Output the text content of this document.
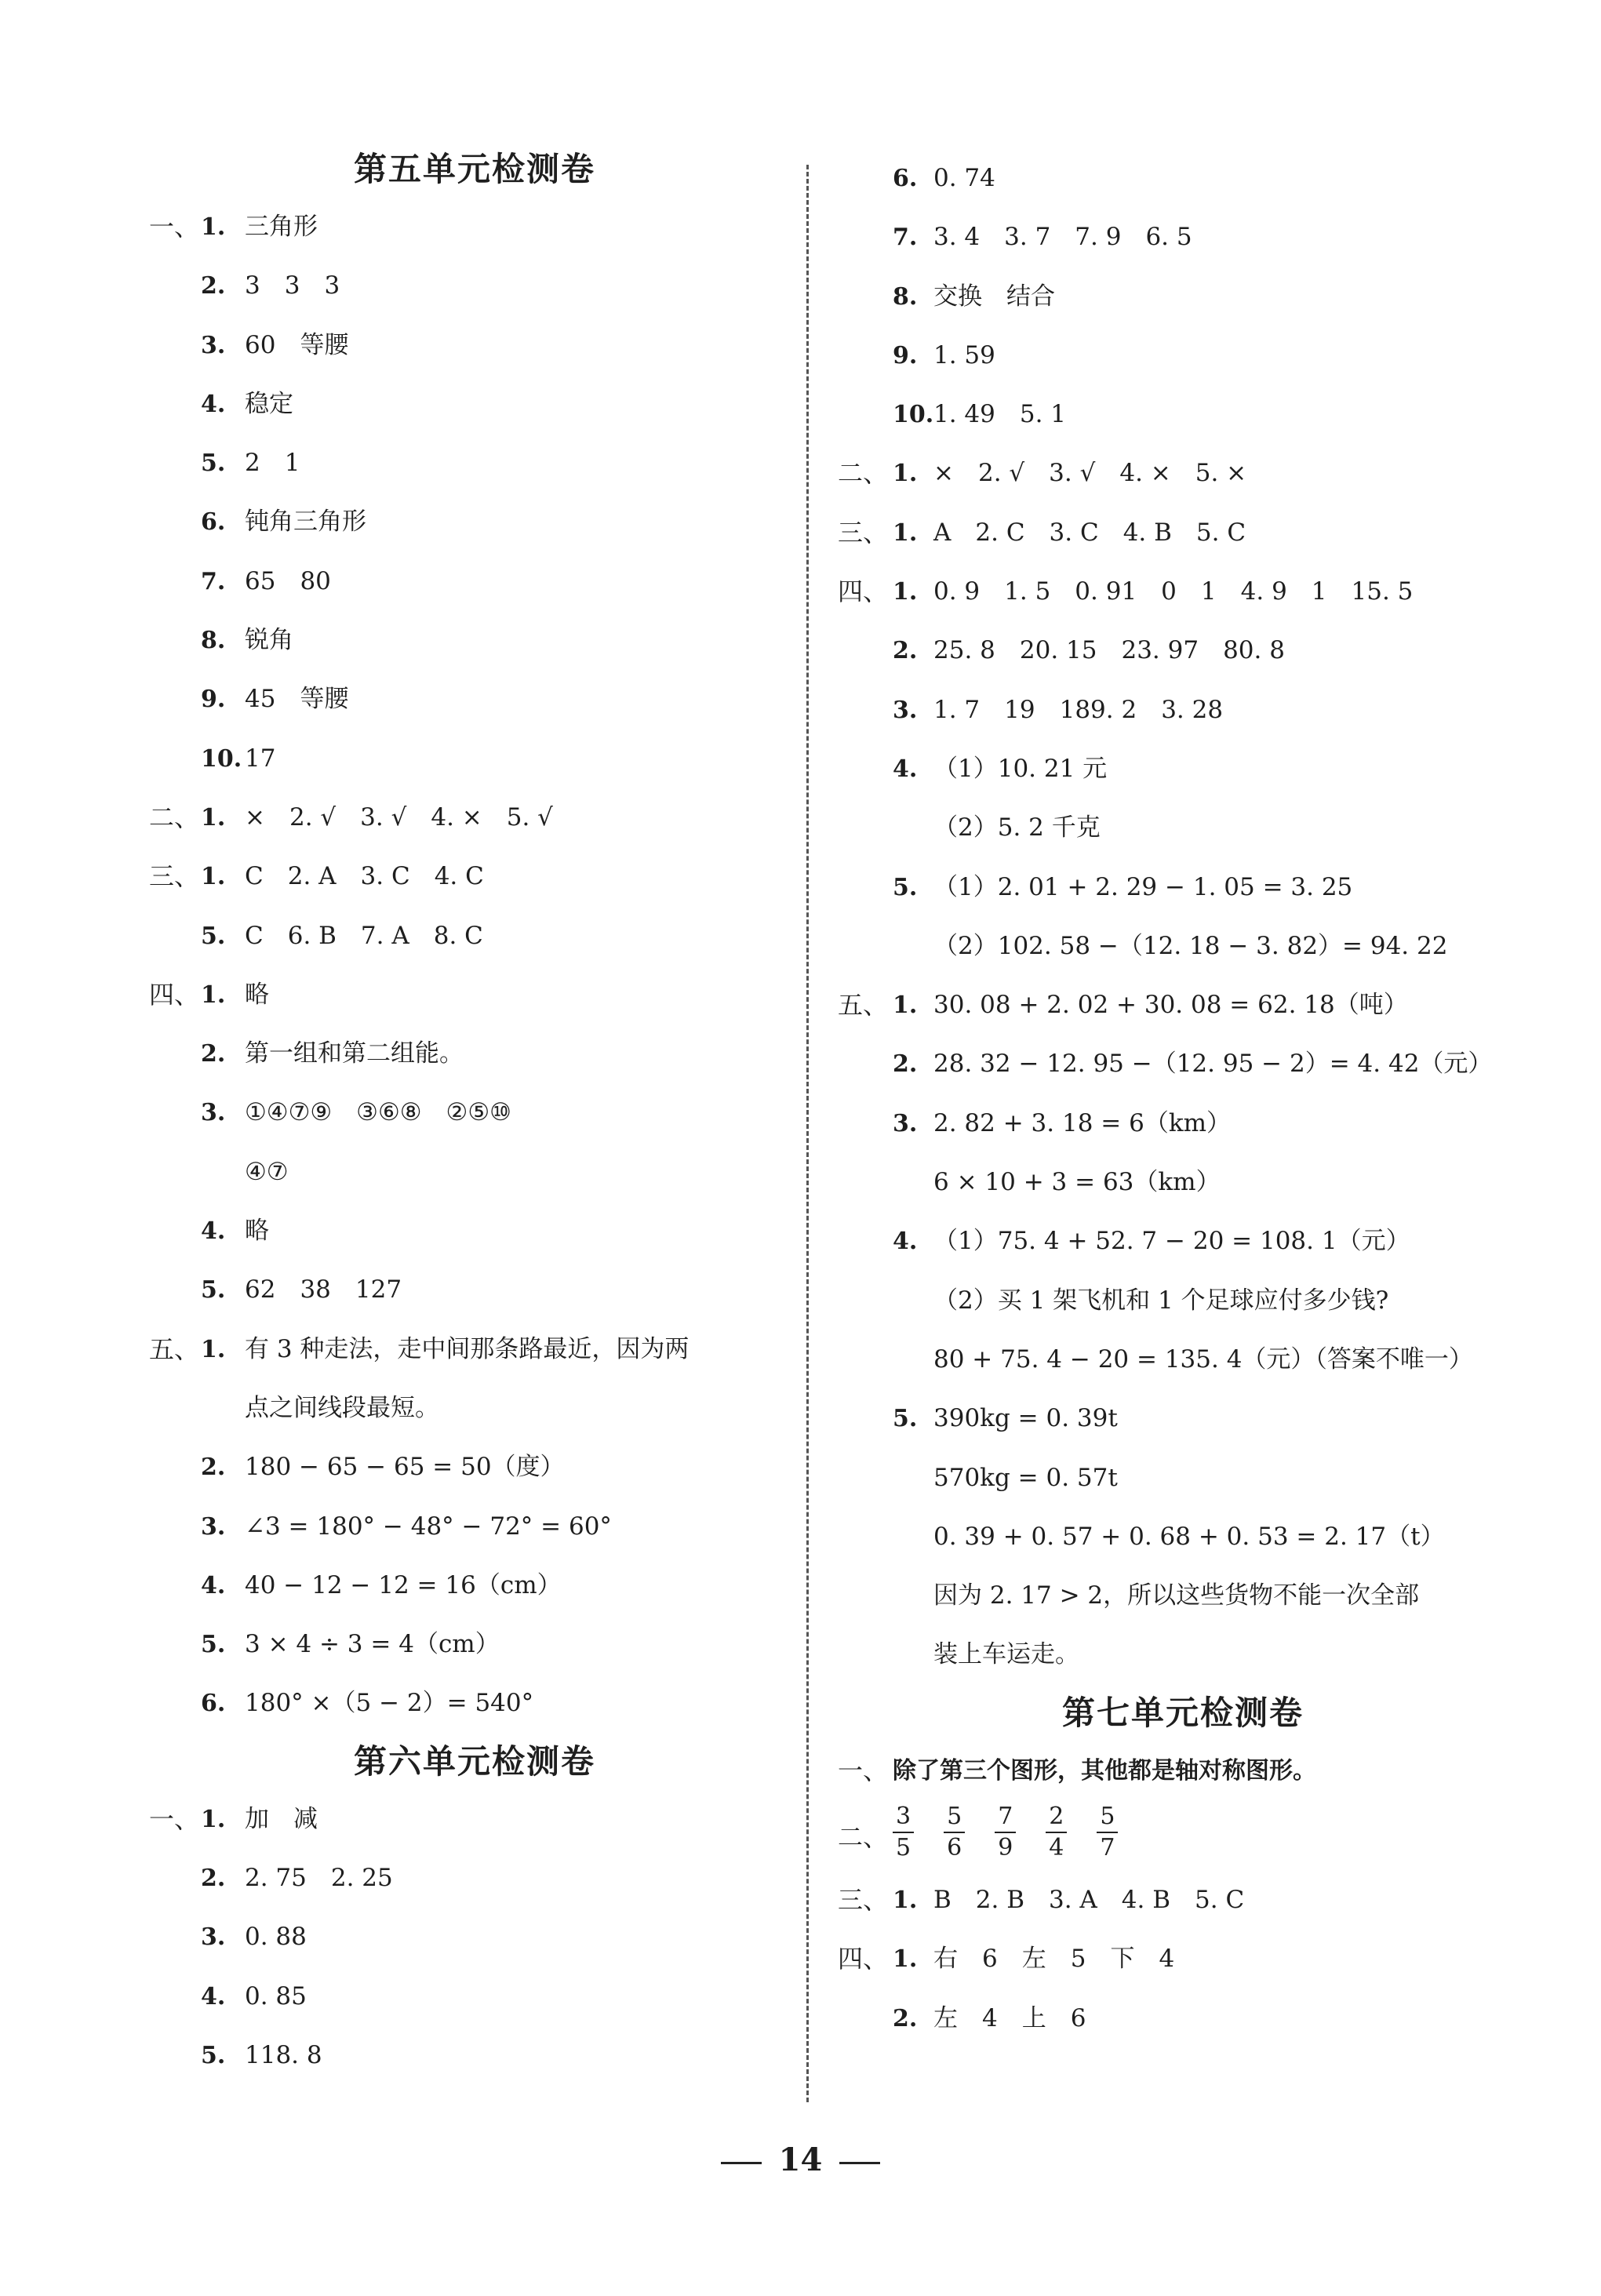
第五单元检测卷
一、 1. 三角形
2. 3　3　3
3. 60　等腰
4. 稳定
5. 2　1
6. 钝角三角形
7. 65　80
8. 锐角
9. 45　等腰
10. 17
二、 1. ×　2. √　3. √　4. ×　5. √
三、 1. C　2. A　3. C　4. C
5. C　6. B　7. A　8. C
四、 1. 略
2. 第一组和第二组能。
3. ①④⑦⑨　③⑥⑧　②⑤⑩
④⑦
4. 略
5. 62　38　127
五、 1. 有 3 种走法，走中间那条路最近，因为两
点之间线段最短。
2. 180 − 65 − 65 = 50（度）
3. ∠3 = 180° − 48° − 72° = 60°
4. 40 − 12 − 12 = 16（cm）
5. 3 × 4 ÷ 3 = 4（cm）
6. 180° ×（5 − 2）= 540°
第六单元检测卷
一、 1. 加　减
2. 2. 75　2. 25
3. 0. 88
4. 0. 85
5. 118. 8
6. 0. 74
7. 3. 4　3. 7　7. 9　6. 5
8. 交换　结合
9. 1. 59
10. 1. 49　5. 1
二、 1. ×　2. √　3. √　4. ×　5. ×
三、 1. A　2. C　3. C　4. B　5. C
四、 1. 0. 9　1. 5　0. 91　0　1　4. 9　1　15. 5
2. 25. 8　20. 15　23. 97　80. 8
3. 1. 7　19　189. 2　3. 28
4. （1）10. 21 元
（2）5. 2 千克
5. （1）2. 01 + 2. 29 − 1. 05 = 3. 25
（2）102. 58 −（12. 18 − 3. 82）= 94. 22
五、 1. 30. 08 + 2. 02 + 30. 08 = 62. 18（吨）
2. 28. 32 − 12. 95 −（12. 95 − 2）= 4. 42（元）
3. 2. 82 + 3. 18 = 6（km）
6 × 10 + 3 = 63（km）
4. （1）75. 4 + 52. 7 − 20 = 108. 1（元）
（2）买 1 架飞机和 1 个足球应付多少钱?
80 + 75. 4 − 20 = 135. 4（元）（答案不唯一）
5. 390kg = 0. 39t
570kg = 0. 57t
0. 39 + 0. 57 + 0. 68 + 0. 53 = 2. 17（t）
因为 2. 17 > 2，所以这些货物不能一次全部
装上车运走。
第七单元检测卷
一、 除了第三个图形，其他都是轴对称图形。
二、 $\frac{3}{5} \frac{5}{6} \frac{7}{9} \frac{2}{4} \frac{5}{7}$
三、 1. B　2. B　3. A　4. B　5. C
四、 1. 右　6　左　5　下　4
2. 左　4　上　6
14
